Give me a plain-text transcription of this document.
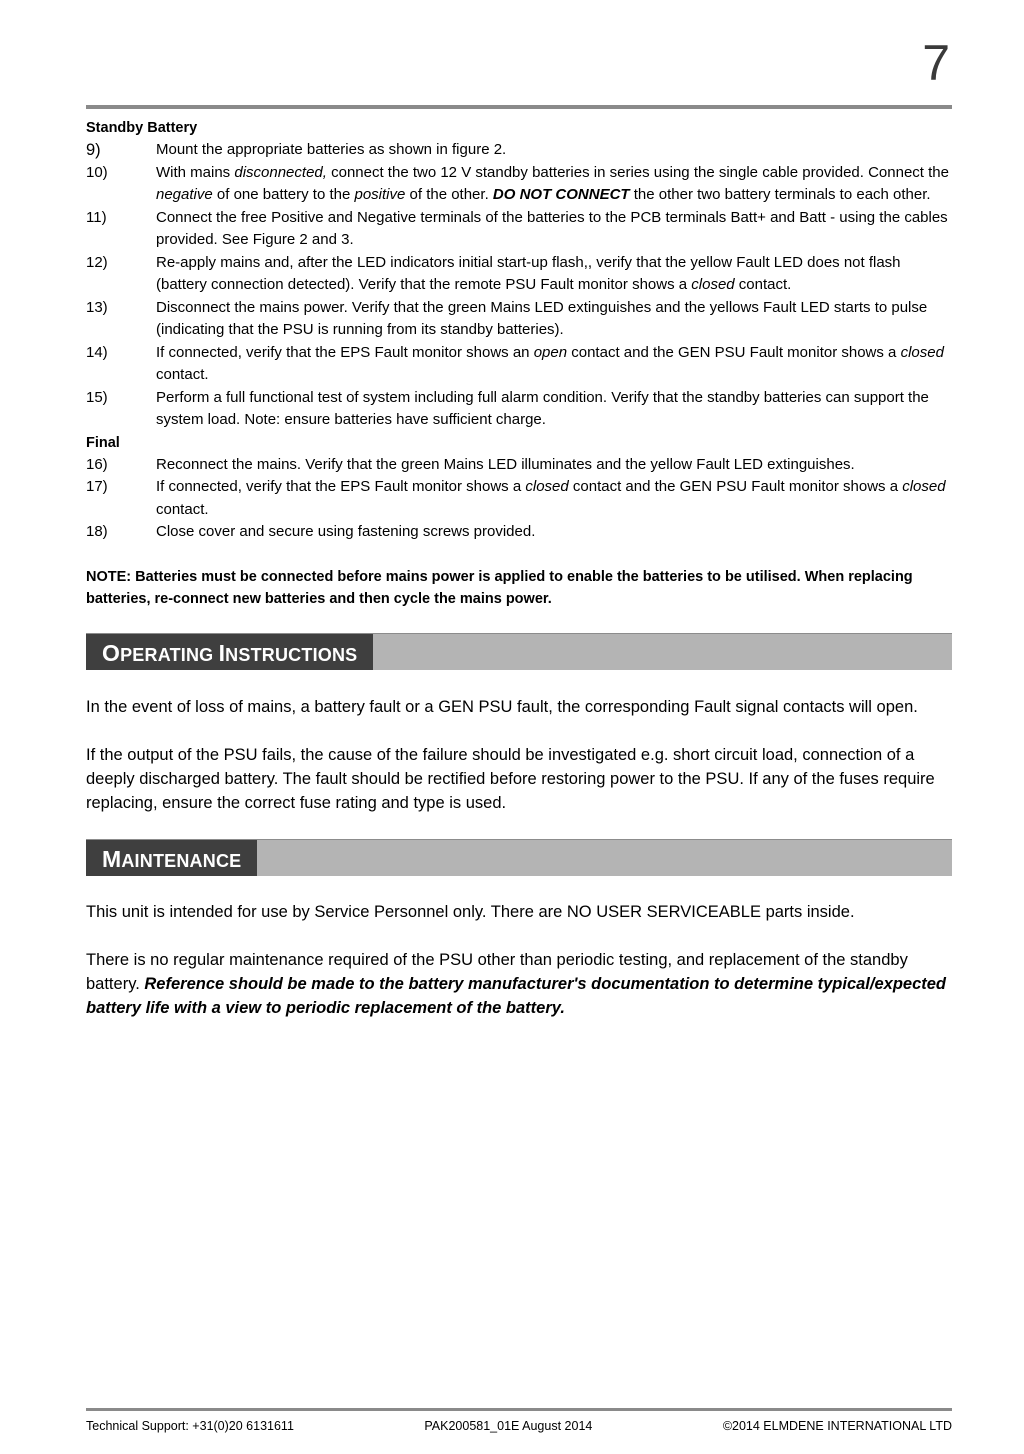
7
Standby Battery
9)	Mount the appropriate batteries as shown in figure 2.
10)	With mains disconnected, connect the two 12 V standby batteries in series using the single cable provided. Connect the negative of one battery to the positive of the other. DO NOT CONNECT the other two battery terminals to each other.
11)	Connect the free Positive and Negative terminals of the batteries to the PCB terminals Batt+ and Batt - using the cables provided. See Figure 2 and 3.
12)	Re-apply mains and, after the LED indicators initial start-up flash,, verify that the yellow Fault LED does not flash (battery connection detected). Verify that the remote PSU Fault monitor shows a closed contact.
13)	Disconnect the mains power. Verify that the green Mains LED extinguishes and the yellows Fault LED starts to pulse (indicating that the PSU is running from its standby batteries).
14)	If connected, verify that the EPS Fault monitor shows an open contact and the GEN PSU Fault monitor shows a closed contact.
15)	Perform a full functional test of system including full alarm condition. Verify that the standby batteries can support the system load. Note: ensure batteries have sufficient charge.
Final
16)	Reconnect the mains. Verify that the green Mains LED illuminates and the yellow Fault LED extinguishes.
17)	If connected, verify that the EPS Fault monitor shows a closed contact and the GEN PSU Fault monitor shows a closed contact.
18)	Close cover and secure using fastening screws provided.
NOTE: Batteries must be connected before mains power is applied to enable the batteries to be utilised. When replacing batteries, re-connect new batteries and then cycle the mains power.
OPERATING INSTRUCTIONS
In the event of loss of mains, a battery fault or a GEN PSU fault, the corresponding Fault signal contacts will open.
If the output of the PSU fails, the cause of the failure should be investigated e.g. short circuit load, connection of a deeply discharged battery. The fault should be rectified before restoring power to the PSU. If any of the fuses require replacing, ensure the correct fuse rating and type is used.
MAINTENANCE
This unit is intended for use by Service Personnel only. There are NO USER SERVICEABLE parts inside.
There is no regular maintenance required of the PSU other than periodic testing, and replacement of the standby battery. Reference should be made to the battery manufacturer's documentation to determine typical/expected battery life with a view to periodic replacement of the battery.
Technical Support: +31(0)20 6131611	PAK200581_01E August 2014	©2014 ELMDENE INTERNATIONAL LTD
